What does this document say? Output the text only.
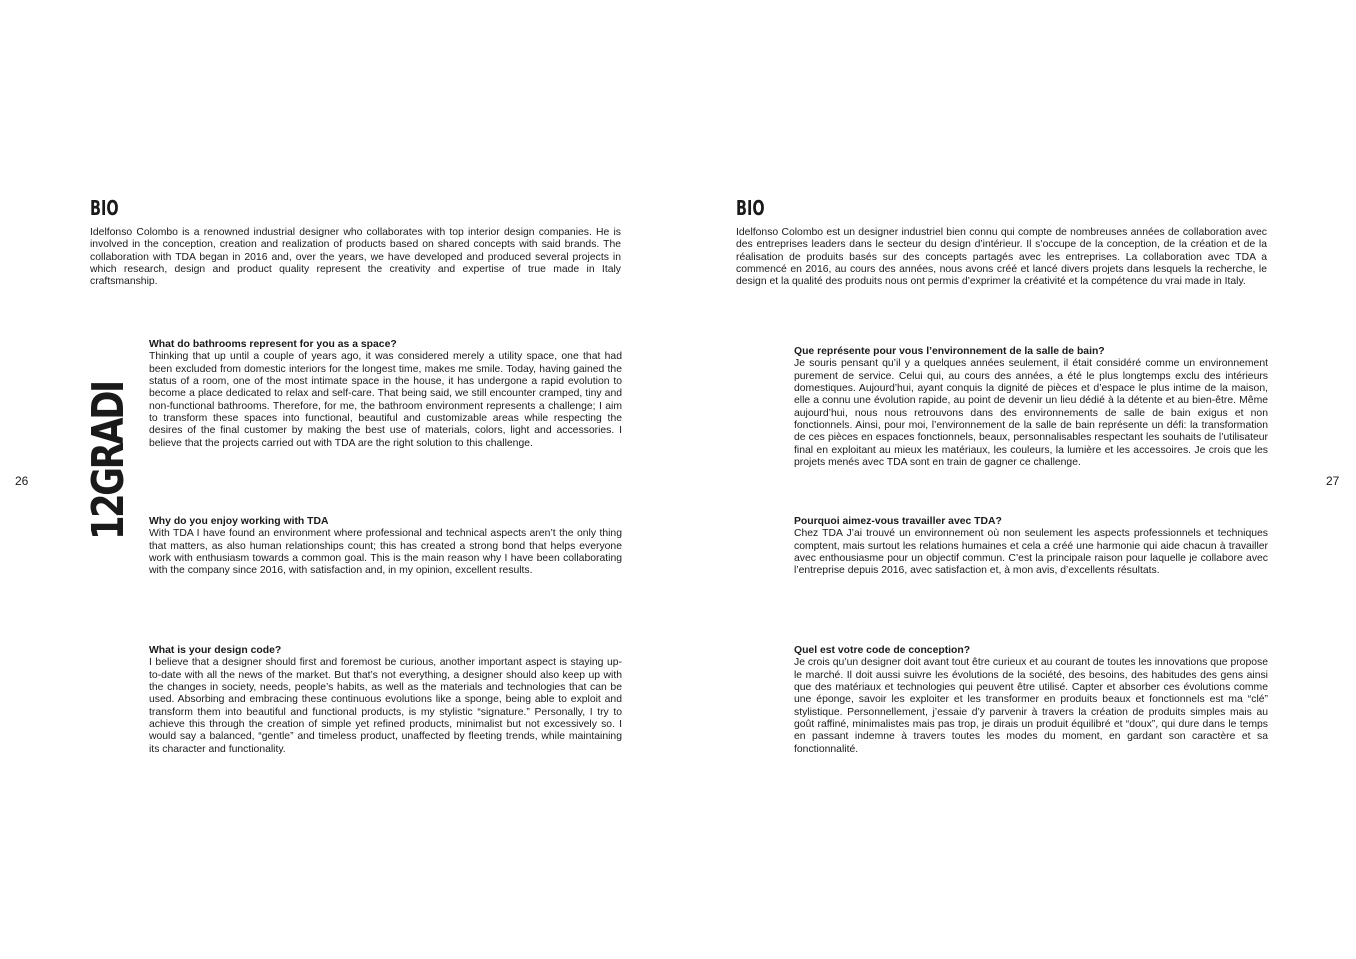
BIO

Idelfonso Colombo is a renowned industrial designer who collaborates with top interior design companies. He is involved in the conception, creation and realization of products based on shared concepts with said brands. The collaboration with TDA began in 2016 and, over the years, we have developed and produced several projects in which research, design and product quality represent the creativity and expertise of true made in Italy craftsmanship.

12GRADI
What do bathrooms represent for you as a space?

Thinking that up until a couple of years ago, it was considered merely a utility space, one that had been excluded from domestic interiors for the longest time, makes me smile. Today, having gained the status of a room, one of the most intimate space in the house, it has undergone a rapid evolution to become a place dedicated to relax and self-care. That being said, we still encounter cramped, tiny and non-functional bathrooms. Therefore, for me, the bathroom environment represents a challenge; I aim to transform these spaces into functional, beautiful and customizable areas while respecting the desires of the final customer by making the best use of materials, colors, light and accessories. I believe that the projects carried out with TDA are the right solution to this challenge.

Why do you enjoy working with TDA

With TDA I have found an environment where professional and technical aspects aren’t the only thing that matters, as also human relationships count; this has created a strong bond that helps everyone work with enthusiasm towards a common goal. This is the main reason why I have been collaborating with the company since 2016, with satisfaction and, in my opinion, excellent results.

What is your design code?

I believe that a designer should first and foremost be curious, another important aspect is staying up-to-date with all the news of the market. But that’s not everything, a designer should also keep up with the changes in society, needs, people’s habits, as well as the materials and technologies that can be used. Absorbing and embracing these continuous evolutions like a sponge, being able to exploit and transform them into beautiful and functional products, is my stylistic “signature.” Personally, I try to achieve this through the creation of simple yet refined products, minimalist but not excessively so. I would say a balanced, “gentle” and timeless product, unaffected by fleeting trends, while maintaining its character and functionality.

26
BIO

Idelfonso Colombo est un designer industriel bien connu qui compte de nombreuses années de collaboration avec des entreprises leaders dans le secteur du design d’intérieur. Il s’occupe de la conception, de la création et de la réalisation de produits basés sur des concepts partagés avec les entreprises. La collaboration avec TDA a commencé en 2016, au cours des années, nous avons créé et lancé divers projets dans lesquels la recherche, le design et la qualité des produits nous ont permis d’exprimer la créativité et la compétence du vrai made in Italy.

Que représente pour vous l’environnement de la salle de bain?

Je souris pensant qu’il y a quelques années seulement, il était considéré comme un environnement purement de service. Celui qui, au cours des années, a été le plus longtemps exclu des intérieurs domestiques. Aujourd’hui, ayant conquis la dignité de pièces et d’espace le plus intime de la maison, elle a connu une évolution rapide, au point de devenir un lieu dédié à la détente et au bien-être. Même aujourd’hui, nous nous retrouvons dans des environnements de salle de bain exigus et non fonctionnels. Ainsi, pour moi, l’environnement de la salle de bain représente un défi: la transformation de ces pièces en espaces fonctionnels, beaux, personnalisables respectant les souhaits de l’utilisateur final en exploitant au mieux les matériaux, les couleurs, la lumière et les accessoires. Je crois que les projets menés avec TDA sont en train de gagner ce challenge.

Pourquoi aimez-vous travailler avec TDA?

Chez TDA J’ai trouvé un environnement où non seulement les aspects professionnels et techniques comptent, mais surtout les relations humaines et cela a créé une harmonie qui aide chacun à travailler avec enthousiasme pour un objectif commun. C’est la principale raison pour laquelle je collabore avec l’entreprise depuis 2016, avec satisfaction et, à mon avis, d’excellents résultats.

Quel est votre code de conception?

Je crois qu’un designer doit avant tout être curieux et au courant de toutes les innovations que propose le marché. Il doit aussi suivre les évolutions de la société, des besoins, des habitudes des gens ainsi que des matériaux et technologies qui peuvent être utilisé. Capter et absorber ces évolutions comme une éponge, savoir les exploiter et les transformer en produits beaux et fonctionnels est ma “clé” stylistique. Personnellement, j’essaie d’y parvenir à travers la création de produits simples mais au goût raffiné, minimalistes mais pas trop, je dirais un produit équilibré et “doux”, qui dure dans le temps en passant indemne à travers toutes les modes du moment, en gardant son caractère et sa fonctionnalité.

27
